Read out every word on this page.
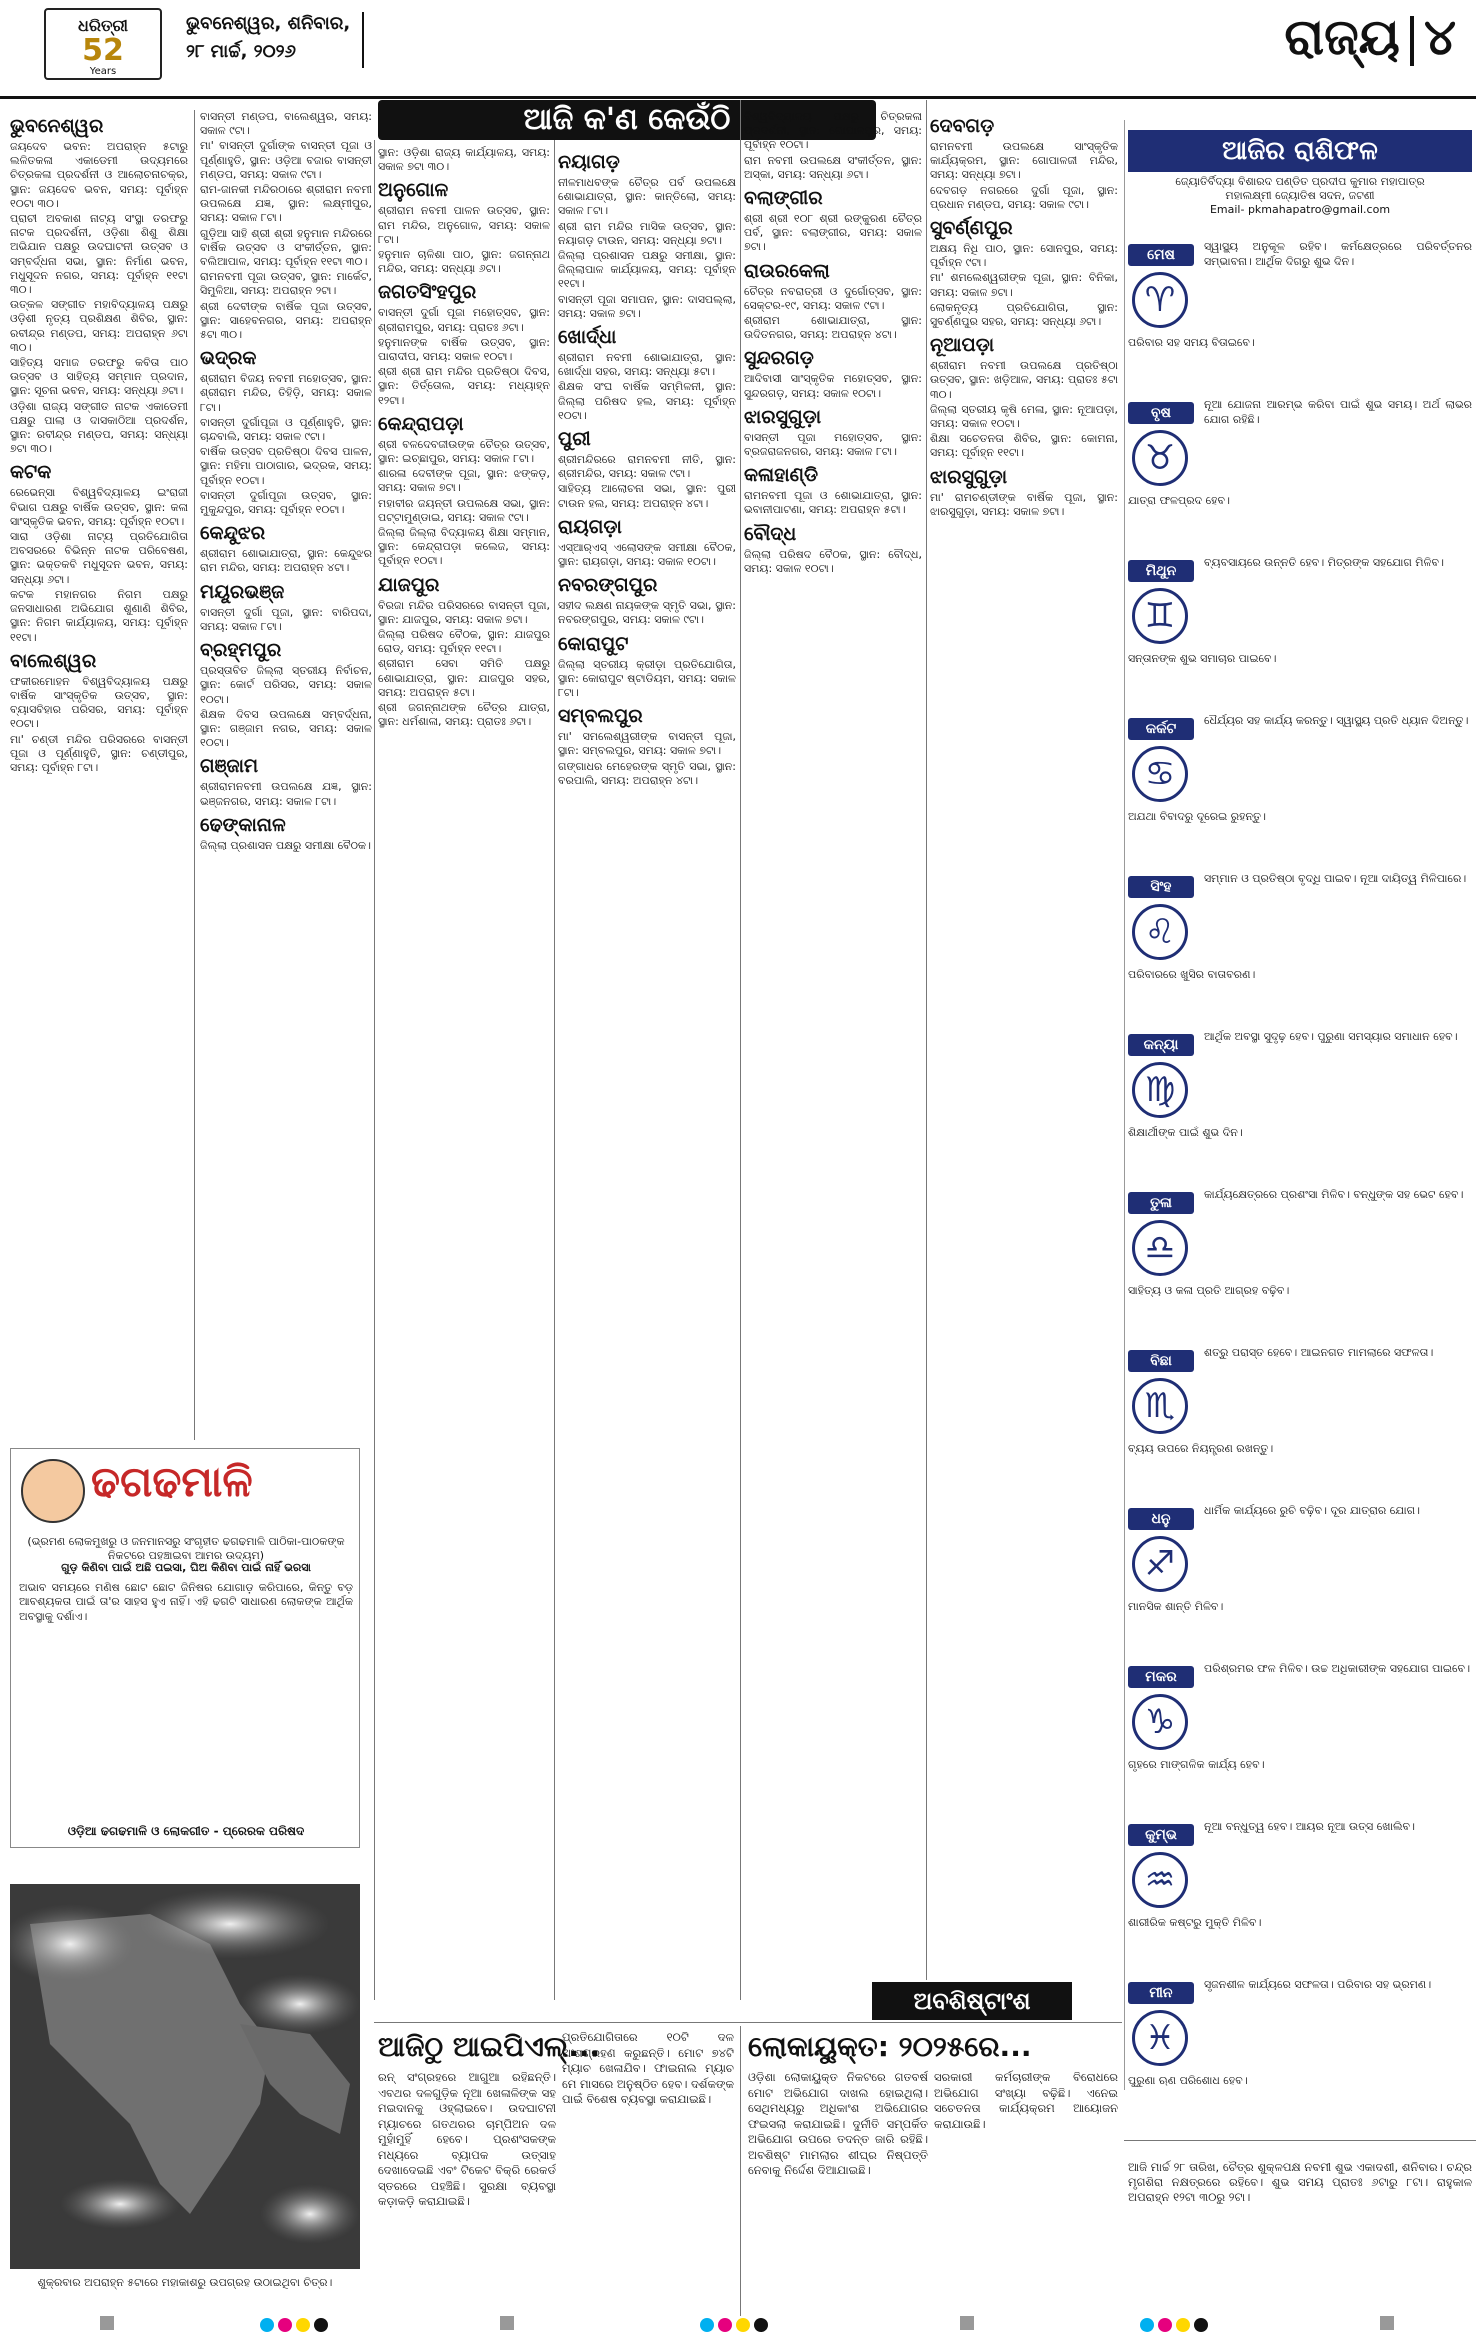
ଧରିତ୍ରୀ
52
Years
ଭୁବନେଶ୍ୱର, ଶନିବାର,
୨୮ ମାର୍ଚ୍ଚ, ୨୦୨୬	ରାଜ୍ୟ ୪
ଆଜି କ'ଣ କେଉଁଠି
ଭୁବନେଶ୍ୱର

ଜୟଦେବ ଭବନ: ଅପରାହ୍ନ ୫ଟାରୁ ଲଳିତକଳା ଏକାଡେମୀ ଉଦ୍ୟମରେ ଚିତ୍ରକଳା ପ୍ରଦର୍ଶନୀ ଓ ଆଲୋଚନାଚକ୍ର, ସ୍ଥାନ: ଜୟଦେବ ଭବନ, ସମୟ: ପୂର୍ବାହ୍ନ ୧୦ଟା ୩୦।

ପ୍ରାଚୀ ଅବକାଶ ନାଟ୍ୟ ସଂସ୍ଥା ତରଫରୁ ନାଟକ ପ୍ରଦର୍ଶନୀ, ଓଡ଼ିଶା ଶିଶୁ ଶିକ୍ଷା ଅଭିଯାନ ପକ୍ଷରୁ ଉଦଘାଟନୀ ଉତ୍ସବ ଓ ସମ୍ବର୍ଦ୍ଧନା ସଭା, ସ୍ଥାନ: ନିର୍ମାଣ ଭବନ, ମଧୁସୂଦନ ନଗର, ସମୟ: ପୂର୍ବାହ୍ନ ୧୧ଟା ୩୦।

ଉତ୍କଳ ସଙ୍ଗୀତ ମହାବିଦ୍ୟାଳୟ ପକ୍ଷରୁ ଓଡ଼ିଶୀ ନୃତ୍ୟ ପ୍ରଶିକ୍ଷଣ ଶିବିର, ସ୍ଥାନ: ରବୀନ୍ଦ୍ର ମଣ୍ଡପ, ସମୟ: ଅପରାହ୍ନ ୬ଟା ୩୦।

ସାହିତ୍ୟ ସମାଜ ତରଫରୁ କବିତା ପାଠ ଉତ୍ସବ ଓ ସାହିତ୍ୟ ସମ୍ମାନ ପ୍ରଦାନ, ସ୍ଥାନ: ସୂଚନା ଭବନ, ସମୟ: ସନ୍ଧ୍ୟା ୬ଟା।

ଓଡ଼ିଶା ରାଜ୍ୟ ସଙ୍ଗୀତ ନାଟକ ଏକାଡେମୀ ପକ୍ଷରୁ ପାଲା ଓ ଦାସକାଠିଆ ପ୍ରଦର୍ଶନ, ସ୍ଥାନ: ରବୀନ୍ଦ୍ର ମଣ୍ଡପ, ସମୟ: ସନ୍ଧ୍ୟା ୭ଟା ୩୦।

କଟକ

ରେଭେନ୍ସା ବିଶ୍ୱବିଦ୍ୟାଳୟ ଇଂରାଜୀ ବିଭାଗ ପକ୍ଷରୁ ବାର୍ଷିକ ଉତ୍ସବ, ସ୍ଥାନ: କଳା ସାଂସ୍କୃତିକ ଭବନ, ସମୟ: ପୂର୍ବାହ୍ନ ୧୦ଟା।

ସାରା ଓଡ଼ିଶା ନାଟ୍ୟ ପ୍ରତିଯୋଗିତା ଅବସରରେ ବିଭିନ୍ନ ନାଟକ ପରିବେଷଣ, ସ୍ଥାନ: ଭକ୍ତକବି ମଧୁସୂଦନ ଭବନ, ସମୟ: ସନ୍ଧ୍ୟା ୬ଟା।

କଟକ ମହାନଗର ନିଗମ ପକ୍ଷରୁ ଜନସାଧାରଣ ଅଭିଯୋଗ ଶୁଣାଣି ଶିବିର, ସ୍ଥାନ: ନିଗମ କାର୍ଯ୍ୟାଳୟ, ସମୟ: ପୂର୍ବାହ୍ନ ୧୧ଟା।

ବାଲେଶ୍ୱର

ଫକୀରମୋହନ ବିଶ୍ୱବିଦ୍ୟାଳୟ ପକ୍ଷରୁ ବାର୍ଷିକ ସାଂସ୍କୃତିକ ଉତ୍ସବ, ସ୍ଥାନ: ବ୍ୟାସବିହାର ପରିସର, ସମୟ: ପୂର୍ବାହ୍ନ ୧୦ଟା।

ମା' ଚଣ୍ଡୀ ମନ୍ଦିର ପରିସରରେ ବାସନ୍ତୀ ପୂଜା ଓ ପୂର୍ଣ୍ଣାହୁତି, ସ୍ଥାନ: ଚଣ୍ଡୀପୁର, ସମୟ: ପୂର୍ବାହ୍ନ ୮ଟା।

ବାସନ୍ତୀ ମଣ୍ଡପ, ବାଲେଶ୍ୱର, ସମୟ: ସକାଳ ୯ଟା।

ମା' ବାସନ୍ତୀ ଦୁର୍ଗାଙ୍କ ବାସନ୍ତୀ ପୂଜା ଓ ପୂର୍ଣ୍ଣାହୁତି, ସ୍ଥାନ: ଓଡ଼ିଆ ବଜାର ବାସନ୍ତୀ ମଣ୍ଡପ, ସମୟ: ସକାଳ ୯ଟା।

ରାମ-ଜାନକୀ ମନ୍ଦିରଠାରେ ଶ୍ରୀରାମ ନବମୀ ଉପଲକ୍ଷେ ଯଜ୍ଞ, ସ୍ଥାନ: ଲକ୍ଷ୍ମୀପୁର, ସମୟ: ସକାଳ ୮ଟା।

ଗୁଡ଼ିଆ ସାହି ଶ୍ରୀ ଶ୍ରୀ ହନୁମାନ ମନ୍ଦିରରେ ବାର୍ଷିକ ଉତ୍ସବ ଓ ସଂକୀର୍ତ୍ତନ, ସ୍ଥାନ: ବଲିଆପାଳ, ସମୟ: ପୂର୍ବାହ୍ନ ୧୧ଟା ୩୦।

ରାମନବମୀ ପୂଜା ଉତ୍ସବ, ସ୍ଥାନ: ମାର୍କେଟ, ସିମୁଳିଆ, ସମୟ: ଅପରାହ୍ନ ୨ଟା।

ଶ୍ରୀ ଦେବୀଙ୍କ ବାର୍ଷିକ ପୂଜା ଉତ୍ସବ, ସ୍ଥାନ: ସାହେବନଗର, ସମୟ: ଅପରାହ୍ନ ୫ଟା ୩୦।

ଭଦ୍ରକ

ଶ୍ରୀରାମ ବିଜୟ ନବମୀ ମହୋତ୍ସବ, ସ୍ଥାନ: ଶ୍ରୀରାମ ମନ୍ଦିର, ତିହିଡ଼ି, ସମୟ: ସକାଳ ୮ଟା।

ବାସନ୍ତୀ ଦୁର୍ଗାପୂଜା ଓ ପୂର୍ଣ୍ଣାହୁତି, ସ୍ଥାନ: ଚାନ୍ଦବାଲି, ସମୟ: ସକାଳ ୯ଟା।

ବାର୍ଷିକ ଉତ୍ସବ ପ୍ରତିଷ୍ଠା ଦିବସ ପାଳନ, ସ୍ଥାନ: ମହିମା ପାଠାଗାର, ଭଦ୍ରକ, ସମୟ: ପୂର୍ବାହ୍ନ ୧୦ଟା।

ବାସନ୍ତୀ ଦୁର୍ଗାପୂଜା ଉତ୍ସବ, ସ୍ଥାନ: ମୁକୁନ୍ଦପୁର, ସମୟ: ପୂର୍ବାହ୍ନ ୧୦ଟା।

କେନ୍ଦୁଝର

ଶ୍ରୀରାମ ଶୋଭାଯାତ୍ରା, ସ୍ଥାନ: କେନ୍ଦୁଝର ରାମ ମନ୍ଦିର, ସମୟ: ଅପରାହ୍ନ ୪ଟା।

ମୟୂରଭଞ୍ଜ

ବାସନ୍ତୀ ଦୁର୍ଗା ପୂଜା, ସ୍ଥାନ: ବାରିପଦା, ସମୟ: ସକାଳ ୮ଟା।

ବ୍ରହ୍ମପୁର

ପ୍ରସ୍ତାବିତ ଜିଲ୍ଲା ସ୍ତରୀୟ ନିର୍ବାଚନ, ସ୍ଥାନ: କୋର୍ଟ ପରିସର, ସମୟ: ସକାଳ ୧୦ଟା।

ଶିକ୍ଷକ ଦିବସ ଉପଲକ୍ଷେ ସମ୍ବର୍ଦ୍ଧନା, ସ୍ଥାନ: ଗଞ୍ଜାମ ନଗର, ସମୟ: ସକାଳ ୧୦ଟା।

ଗଞ୍ଜାମ

ଶ୍ରୀରାମନବମୀ ଉପଲକ୍ଷେ ଯଜ୍ଞ, ସ୍ଥାନ: ଭଞ୍ଜନଗର, ସମୟ: ସକାଳ ୮ଟା।

ଢେଙ୍କାନାଳ

ଜିଲ୍ଲା ପ୍ରଶାସନ ପକ୍ଷରୁ ସମୀକ୍ଷା ବୈଠକ।

ସ୍ଥାନ: ଓଡ଼ିଶା ରାଜ୍ୟ କାର୍ଯ୍ୟାଳୟ, ସମୟ: ସକାଳ ୭ଟା ୩୦।

ଅନୁଗୋଳ

ଶ୍ରୀରାମ ନବମୀ ପାଳନ ଉତ୍ସବ, ସ୍ଥାନ: ରାମ ମନ୍ଦିର, ଅନୁଗୋଳ, ସମୟ: ସକାଳ ୮ଟା।

ହନୁମାନ ଚାଳିଶା ପାଠ, ସ୍ଥାନ: ଜଗନ୍ନାଥ ମନ୍ଦିର, ସମୟ: ସନ୍ଧ୍ୟା ୬ଟା।

ଜଗତସିଂହପୁର

ବାସନ୍ତୀ ଦୁର୍ଗା ପୂଜା ମହୋତ୍ସବ, ସ୍ଥାନ: ଶ୍ରୀରାମପୁର, ସମୟ: ପ୍ରାତଃ ୬ଟା।

ହନୁମାନଙ୍କ ବାର୍ଷିକ ଉତ୍ସବ, ସ୍ଥାନ: ପାରାଦୀପ, ସମୟ: ସକାଳ ୧୦ଟା।

ଶ୍ରୀ ଶ୍ରୀ ରାମ ମନ୍ଦିର ପ୍ରତିଷ୍ଠା ଦିବସ, ସ୍ଥାନ: ତିର୍ତ୍ତୋଲ, ସମୟ: ମଧ୍ୟାହ୍ନ ୧୨ଟା।

କେନ୍ଦ୍ରାପଡ଼ା

ଶ୍ରୀ ବଳଦେବଜୀଉଙ୍କ ଚୈତ୍ର ଉତ୍ସବ, ସ୍ଥାନ: ଇଚ୍ଛାପୁର, ସମୟ: ସକାଳ ୮ଟା।

ଶାରଳା ଦେବୀଙ୍କ ପୂଜା, ସ୍ଥାନ: ଝଙ୍କଡ଼, ସମୟ: ସକାଳ ୭ଟା।

ମହାବୀର ଜୟନ୍ତୀ ଉପଲକ୍ଷେ ସଭା, ସ୍ଥାନ: ପଟ୍ଟାମୁଣ୍ଡାଇ, ସମୟ: ସକାଳ ୯ଟା।

ଜିଲ୍ଲା ଜିଲ୍ଲା ବିଦ୍ୟାଳୟ ଶିକ୍ଷା ସମ୍ମାନ, ସ୍ଥାନ: କେନ୍ଦ୍ରାପଡ଼ା କଲେଜ, ସମୟ: ପୂର୍ବାହ୍ନ ୧୦ଟା।

ଯାଜପୁର

ବିରଜା ମନ୍ଦିର ପରିସରରେ ବାସନ୍ତୀ ପୂଜା, ସ୍ଥାନ: ଯାଜପୁର, ସମୟ: ସକାଳ ୭ଟା।

ଜିଲ୍ଲା ପରିଷଦ ବୈଠକ, ସ୍ଥାନ: ଯାଜପୁର ରୋଡ୍, ସମୟ: ପୂର୍ବାହ୍ନ ୧୧ଟା।

ଶ୍ରୀରାମ ସେବା ସମିତି ପକ୍ଷରୁ ଶୋଭାଯାତ୍ରା, ସ୍ଥାନ: ଯାଜପୁର ସହର, ସମୟ: ଅପରାହ୍ନ ୫ଟା।

ଶ୍ରୀ ଜଗନ୍ନାଥଙ୍କ ଚୈତ୍ର ଯାତ୍ରା, ସ୍ଥାନ: ଧର୍ମଶାଳା, ସମୟ: ପ୍ରାତଃ ୬ଟା।

ନୟାଗଡ଼

ନୀଳମାଧବଙ୍କ ଚୈତ୍ର ପର୍ବ ଉପଲକ୍ଷେ ଶୋଭାଯାତ୍ରା, ସ୍ଥାନ: କାନ୍ତିଲୋ, ସମୟ: ସକାଳ ୮ଟା।

ଶ୍ରୀ ରାମ ମନ୍ଦିର ମାସିକ ଉତ୍ସବ, ସ୍ଥାନ: ନୟାଗଡ଼ ଟାଉନ, ସମୟ: ସନ୍ଧ୍ୟା ୭ଟା।

ଜିଲ୍ଲା ପ୍ରଶାସନ ପକ୍ଷରୁ ସମୀକ୍ଷା, ସ୍ଥାନ: ଜିଲ୍ଲାପାଳ କାର୍ଯ୍ୟାଳୟ, ସମୟ: ପୂର୍ବାହ୍ନ ୧୧ଟା।

ବାସନ୍ତୀ ପୂଜା ସମାପନ, ସ୍ଥାନ: ଦାସପଲ୍ଲା, ସମୟ: ସକାଳ ୭ଟା।

ଖୋର୍ଦ୍ଧା

ଶ୍ରୀରାମ ନବମୀ ଶୋଭାଯାତ୍ରା, ସ୍ଥାନ: ଖୋର୍ଦ୍ଧା ସହର, ସମୟ: ସନ୍ଧ୍ୟା ୫ଟା।

ଶିକ୍ଷକ ସଂଘ ବାର୍ଷିକ ସମ୍ମିଳନୀ, ସ୍ଥାନ: ଜିଲ୍ଲା ପରିଷଦ ହଲ, ସମୟ: ପୂର୍ବାହ୍ନ ୧୦ଟା।

ପୁରୀ

ଶ୍ରୀମନ୍ଦିରରେ ରାମନବମୀ ନୀତି, ସ୍ଥାନ: ଶ୍ରୀମନ୍ଦିର, ସମୟ: ସକାଳ ୯ଟା।

ସାହିତ୍ୟ ଆଲୋଚନା ସଭା, ସ୍ଥାନ: ପୁରୀ ଟାଉନ ହଲ, ସମୟ: ଅପରାହ୍ନ ୪ଟା।

ରାୟଗଡ଼ା

ଏସ୍‌ଆର୍‌ଏସ୍ ଏଲୋସଙ୍କ ସମୀକ୍ଷା ବୈଠକ, ସ୍ଥାନ: ରାୟଗଡ଼ା, ସମୟ: ସକାଳ ୧୦ଟା।

ନବରଙ୍ଗପୁର

ସହୀଦ ଲକ୍ଷଣ ନାୟକଙ୍କ ସ୍ମୃତି ସଭା, ସ୍ଥାନ: ନବରଙ୍ଗପୁର, ସମୟ: ସକାଳ ୯ଟା।

କୋରାପୁଟ

ଜିଲ୍ଲା ସ୍ତରୀୟ କ୍ରୀଡ଼ା ପ୍ରତିଯୋଗିତା, ସ୍ଥାନ: କୋରାପୁଟ ଷ୍ଟାଡିୟମ, ସମୟ: ସକାଳ ୮ଟା।

ସମ୍ବଲପୁର

ମା' ସମଲେଶ୍ୱରୀଙ୍କ ବାସନ୍ତୀ ପୂଜା, ସ୍ଥାନ: ସମ୍ବଲପୁର, ସମୟ: ସକାଳ ୭ଟା।

ଗଙ୍ଗାଧର ମେହେରଙ୍କ ସ୍ମୃତି ସଭା, ସ୍ଥାନ: ବରପାଲି, ସମୟ: ଅପରାହ୍ନ ୪ଟା।

ବିଶ୍ୱବିଦ୍ୟାଳୟ ପକ୍ଷରୁ ଚିତ୍ରକଳା ପ୍ରଦର୍ଶନୀ, ସ୍ଥାନ: ଗୋପାଳପୁର, ସମୟ: ପୂର୍ବାହ୍ନ ୧୦ଟା।

ରାମ ନବମୀ ଉପଲକ୍ଷେ ସଂକୀର୍ତ୍ତନ, ସ୍ଥାନ: ଅସ୍କା, ସମୟ: ସନ୍ଧ୍ୟା ୬ଟା।

ବଲାଙ୍ଗୀର

ଶ୍ରୀ ଶ୍ରୀ ୧୦୮ ଶ୍ରୀ ରଙ୍କୁରଣ ଚୈତ୍ର ପର୍ବ, ସ୍ଥାନ: ବଲାଙ୍ଗୀର, ସମୟ: ସକାଳ ୭ଟା।

ରାଉରକେଲା

ଚୈତ୍ର ନବରାତ୍ରୀ ଓ ଦୁର୍ଗୋତ୍ସବ, ସ୍ଥାନ: ସେକ୍ଟର-୧୯, ସମୟ: ସକାଳ ୯ଟା।

ଶ୍ରୀରାମ ଶୋଭାଯାତ୍ରା, ସ୍ଥାନ: ଉଦିତନଗର, ସମୟ: ଅପରାହ୍ନ ୪ଟା।

ସୁନ୍ଦରଗଡ଼

ଆଦିବାସୀ ସାଂସ୍କୃତିକ ମହୋତ୍ସବ, ସ୍ଥାନ: ସୁନ୍ଦରଗଡ଼, ସମୟ: ସକାଳ ୧୦ଟା।

ଝାରସୁଗୁଡ଼ା

ବାସନ୍ତୀ ପୂଜା ମହୋତ୍ସବ, ସ୍ଥାନ: ବ୍ରଜରାଜନଗର, ସମୟ: ସକାଳ ୮ଟା।

କଳାହାଣ୍ଡି

ରାମନବମୀ ପୂଜା ଓ ଶୋଭାଯାତ୍ରା, ସ୍ଥାନ: ଭବାନୀପାଟଣା, ସମୟ: ଅପରାହ୍ନ ୫ଟା।

ବୌଦ୍ଧ

ଜିଲ୍ଲା ପରିଷଦ ବୈଠକ, ସ୍ଥାନ: ବୌଦ୍ଧ, ସମୟ: ସକାଳ ୧୦ଟା।

ଦେବଗଡ଼

ରାମନବମୀ ଉପଲକ୍ଷେ ସାଂସ୍କୃତିକ କାର୍ଯ୍ୟକ୍ରମ, ସ୍ଥାନ: ଗୋପାଳଜୀ ମନ୍ଦିର, ସମୟ: ସନ୍ଧ୍ୟା ୭ଟା।

ଦେବଗଡ଼ ନଗରରେ ଦୁର୍ଗା ପୂଜା, ସ୍ଥାନ: ପ୍ରଧାନ ମଣ୍ଡପ, ସମୟ: ସକାଳ ୯ଟା।

ସୁବର୍ଣ୍ଣପୁର

ଅକ୍ଷୟ ନିଧି ପାଠ, ସ୍ଥାନ: ସୋନପୁର, ସମୟ: ପୂର୍ବାହ୍ନ ୯ଟା।

ମା' ଶମଲେଶ୍ୱରୀଙ୍କ ପୂଜା, ସ୍ଥାନ: ବିନିକା, ସମୟ: ସକାଳ ୭ଟା।

ଲୋକନୃତ୍ୟ ପ୍ରତିଯୋଗିତା, ସ୍ଥାନ: ସୁବର୍ଣ୍ଣପୁର ସହର, ସମୟ: ସନ୍ଧ୍ୟା ୬ଟା।

ନୂଆପଡ଼ା

ଶ୍ରୀରାମ ନବମୀ ଉପଲକ୍ଷେ ପ୍ରତିଷ୍ଠା ଉତ୍ସବ, ସ୍ଥାନ: ଖଡ଼ିଆଳ, ସମୟ: ପ୍ରାତଃ ୫ଟା ୩୦।

ଜିଲ୍ଲା ସ୍ତରୀୟ କୃଷି ମେଳା, ସ୍ଥାନ: ନୂଆପଡ଼ା, ସମୟ: ସକାଳ ୧୦ଟା।

ଶିକ୍ଷା ସଚେତନତା ଶିବିର, ସ୍ଥାନ: କୋମନା, ସମୟ: ପୂର୍ବାହ୍ନ ୧୧ଟା।

ଝାରସୁଗୁଡ଼ା

ମା' ରାମଚଣ୍ଡୀଙ୍କ ବାର୍ଷିକ ପୂଜା, ସ୍ଥାନ: ଝାରସୁଗୁଡ଼ା, ସମୟ: ସକାଳ ୭ଟା।

ଆଜିର ରାଶିଫଳ
ଜ୍ୟୋତିର୍ବିଦ୍ୟା ବିଶାରଦ ପଣ୍ଡିତ ପ୍ରଦୀପ କୁମାର ମହାପାତ୍ର
ମହାଲକ୍ଷ୍ମୀ ଜ୍ୟୋତିଷ ସଦନ, ଜଟଣୀ
Email- pkmahapatro@gmail.com
ମେଷ
♈
ସ୍ୱାସ୍ଥ୍ୟ ଅନୁକୂଳ ରହିବ। କର୍ମକ୍ଷେତ୍ରରେ ପରିବର୍ତ୍ତନର ସମ୍ଭାବନା। ଆର୍ଥିକ ଦିଗରୁ ଶୁଭ ଦିନ।
ପରିବାର ସହ ସମୟ ବିତାଇବେ।
ବୃଷ
♉
ନୂଆ ଯୋଜନା ଆରମ୍ଭ କରିବା ପାଇଁ ଶୁଭ ସମୟ। ଅର୍ଥ ଲାଭର ଯୋଗ ରହିଛି।
ଯାତ୍ରା ଫଳପ୍ରଦ ହେବ।
ମିଥୁନ
♊
ବ୍ୟବସାୟରେ ଉନ୍ନତି ହେବ। ମିତ୍ରଙ୍କ ସହଯୋଗ ମିଳିବ।
ସନ୍ତାନଙ୍କ ଶୁଭ ସମାଚାର ପାଇବେ।
କର୍କଟ
♋
ଧୈର୍ଯ୍ୟର ସହ କାର୍ଯ୍ୟ କରନ୍ତୁ। ସ୍ୱାସ୍ଥ୍ୟ ପ୍ରତି ଧ୍ୟାନ ଦିଅନ୍ତୁ।
ଅଯଥା ବିବାଦରୁ ଦୂରେଇ ରୁହନ୍ତୁ।
ସିଂହ
♌
ସମ୍ମାନ ଓ ପ୍ରତିଷ୍ଠା ବୃଦ୍ଧି ପାଇବ। ନୂଆ ଦାୟିତ୍ୱ ମିଳିପାରେ।
ପରିବାରରେ ଖୁସିର ବାତାବରଣ।
କନ୍ୟା
♍
ଆର୍ଥିକ ଅବସ୍ଥା ସୁଦୃଢ଼ ହେବ। ପୁରୁଣା ସମସ୍ୟାର ସମାଧାନ ହେବ।
ଶିକ୍ଷାର୍ଥୀଙ୍କ ପାଇଁ ଶୁଭ ଦିନ।
ତୁଳା
♎
କାର୍ଯ୍ୟକ୍ଷେତ୍ରରେ ପ୍ରଶଂସା ମିଳିବ। ବନ୍ଧୁଙ୍କ ସହ ଭେଟ ହେବ।
ସାହିତ୍ୟ ଓ କଳା ପ୍ରତି ଆଗ୍ରହ ବଢ଼ିବ।
ବିଛା
♏
ଶତ୍ରୁ ପରାସ୍ତ ହେବେ। ଆଇନଗତ ମାମଲାରେ ସଫଳତା।
ବ୍ୟୟ ଉପରେ ନିୟନ୍ତ୍ରଣ ରଖନ୍ତୁ।
ଧନୁ
♐
ଧାର୍ମିକ କାର୍ଯ୍ୟରେ ରୁଚି ବଢ଼ିବ। ଦୂର ଯାତ୍ରାର ଯୋଗ।
ମାନସିକ ଶାନ୍ତି ମିଳିବ।
ମକର
♑
ପରିଶ୍ରମର ଫଳ ମିଳିବ। ଉଚ୍ଚ ଅଧିକାରୀଙ୍କ ସହଯୋଗ ପାଇବେ।
ଗୃହରେ ମାଙ୍ଗଳିକ କାର୍ଯ୍ୟ ହେବ।
କୁମ୍ଭ
♒
ନୂଆ ବନ୍ଧୁତ୍ୱ ହେବ। ଆୟର ନୂଆ ଉତ୍ସ ଖୋଲିବ।
ଶାରୀରିକ କଷ୍ଟରୁ ମୁକ୍ତି ମିଳିବ।
ମୀନ
♓
ସୃଜନଶୀଳ କାର୍ଯ୍ୟରେ ସଫଳତା। ପରିବାର ସହ ଭ୍ରମଣ।
ପୁରୁଣା ଋଣ ପରିଶୋଧ ହେବ।
ଆଜି ମାର୍ଚ୍ଚ ୨୮ ତାରିଖ, ଚୈତ୍ର ଶୁକ୍ଳପକ୍ଷ ନବମୀ ଶୁଭ ଏକାଦଶୀ, ଶନିବାର। ଚନ୍ଦ୍ର ମୃଗଶିରା ନକ୍ଷତ୍ରରେ ରହିବେ। ଶୁଭ ସମୟ ପ୍ରାତଃ ୬ଟାରୁ ୮ଟା। ରାହୁକାଳ ଅପରାହ୍ନ ୧୨ଟା ୩୦ରୁ ୨ଟା।
ଢଗଢମାଳି
(ଭ୍ରମଣ ଲୋକମୁଖରୁ ଓ ଜନମାନସରୁ ସଂଗୃହୀତ ଢଗଢମାଳି ପାଠିକା-ପାଠକଙ୍କ ନିକଟରେ ପହଞ୍ଚାଇବା ଆମର ଉଦ୍ୟମ)
ଗୁଡ଼ କିଣିବା ପାଇଁ ଅଛି ପଇସା, ଘିଅ କିଣିବା ପାଇଁ ନାହିଁ ଭରସା
ଅଭାବ ସମୟରେ ମଣିଷ ଛୋଟ ଛୋଟ ଜିନିଷର ଯୋଗାଡ଼ କରିପାରେ, କିନ୍ତୁ ବଡ଼ ଆବଶ୍ୟକତା ପାଇଁ ତା'ର ସାହସ ହୁଏ ନାହିଁ। ଏହି ଢଗଟି ସାଧାରଣ ଲୋକଙ୍କ ଆର୍ଥିକ ଅବସ୍ଥାକୁ ଦର୍ଶାଏ।
ଓଡ଼ିଆ ଢଗଢମାଳି ଓ ଲୋକଗୀତ - ପ୍ରେରକ ପରିଷଦ
ଶୁକ୍ରବାର ଅପରାହ୍ନ ୫ଟାରେ ମହାକାଶରୁ ଉପଗ୍ରହ ଉଠାଇଥିବା ଚିତ୍ର।
ଅବଶିଷ୍ଟାଂଶ
ଆଜିଠୁ ଆଇପିଏଲ୍...
ରନ୍ ସଂଗ୍ରହରେ ଆଗୁଆ ରହିଛନ୍ତି। ଏବଥର ଦଳଗୁଡ଼ିକ ନୂଆ ଖେଳାଳିଙ୍କ ସହ ମଇଦାନକୁ ଓହ୍ଲାଇବେ। ଉଦଘାଟନୀ ମ୍ୟାଚରେ ଗତଥରର ଚାମ୍ପିଅନ ଦଳ ମୁହାଁମୁହିଁ ହେବେ। ପ୍ରଶଂସକଙ୍କ ମଧ୍ୟରେ ବ୍ୟାପକ ଉତ୍ସାହ ଦେଖାଦେଇଛି ଏବଂ ଟିକେଟ ବିକ୍ରି ରେକର୍ଡ ସ୍ତରରେ ପହଞ୍ଚିଛି। ସୁରକ୍ଷା ବ୍ୟବସ୍ଥା କଡ଼ାକଡ଼ି କରାଯାଇଛି।
ପ୍ରତିଯୋଗିତାରେ ୧୦ଟି ଦଳ ଅଂଶଗ୍ରହଣ କରୁଛନ୍ତି। ମୋଟ ୭୪ଟି ମ୍ୟାଚ ଖେଳାଯିବ। ଫାଇନାଲ ମ୍ୟାଚ ମେ ମାସରେ ଅନୁଷ୍ଠିତ ହେବ। ଦର୍ଶକଙ୍କ ପାଇଁ ବିଶେଷ ବ୍ୟବସ୍ଥା କରାଯାଇଛି।
ଲୋକାୟୁକ୍ତ: ୨୦୨୫ରେ...
ଓଡ଼ିଶା ଲୋକାୟୁକ୍ତ ନିକଟରେ ଗତବର୍ଷ ମୋଟ ଅଭିଯୋଗ ଦାଖଲ ହୋଇଥିଲା। ସେଥିମଧ୍ୟରୁ ଅଧିକାଂଶ ଅଭିଯୋଗର ଫଇସଲା କରାଯାଇଛି। ଦୁର୍ନୀତି ସମ୍ପର୍କିତ ଅଭିଯୋଗ ଉପରେ ତଦନ୍ତ ଜାରି ରହିଛି। ଅବଶିଷ୍ଟ ମାମଲାର ଶୀଘ୍ର ନିଷ୍ପତ୍ତି ନେବାକୁ ନିର୍ଦ୍ଦେଶ ଦିଆଯାଇଛି।
ସରକାରୀ କର୍ମଚାରୀଙ୍କ ବିରୋଧରେ ଅଭିଯୋଗ ସଂଖ୍ୟା ବଢ଼ିଛି। ଏନେଇ ସଚେତନତା କାର୍ଯ୍ୟକ୍ରମ ଆୟୋଜନ କରାଯାଉଛି।
